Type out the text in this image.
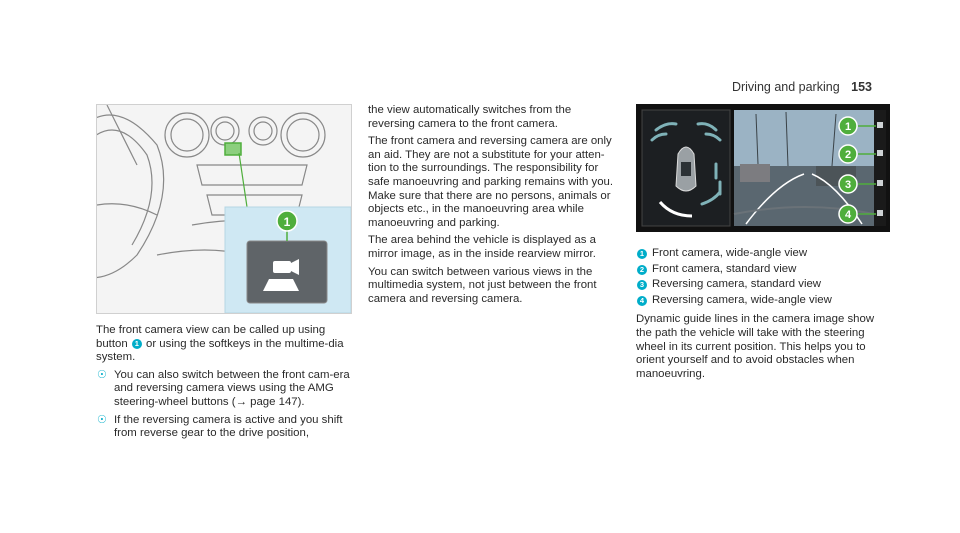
Driving and parking 153
1

The front camera view can be called up using button 1 or using the softkeys in the multime-dia system.

☉ You can also switch between the front cam-era and reversing camera views using the AMG steering-wheel buttons (→ page 147).
☉ If the reversing camera is active and you shift from reverse gear to the drive position,

the view automatically switches from the reversing camera to the front camera.

The front camera and reversing camera are only an aid. They are not a substitute for your atten-tion to the surroundings. The responsibility for safe manoeuvring and parking remains with you. Make sure that there are no persons, animals or objects etc., in the manoeuvring area while manoeuvring and parking.

The area behind the vehicle is displayed as a mirror image, as in the inside rearview mirror.

You can switch between various views in the multimedia system, not just between the front camera and reversing camera.

1
2
3
4
1 Front camera, wide-angle view
2 Front camera, standard view
3 Reversing camera, standard view
4 Reversing camera, wide-angle view

Dynamic guide lines in the camera image show the path the vehicle will take with the steering wheel in its current position. This helps you to orient yourself and to avoid obstacles when manoeuvring.
